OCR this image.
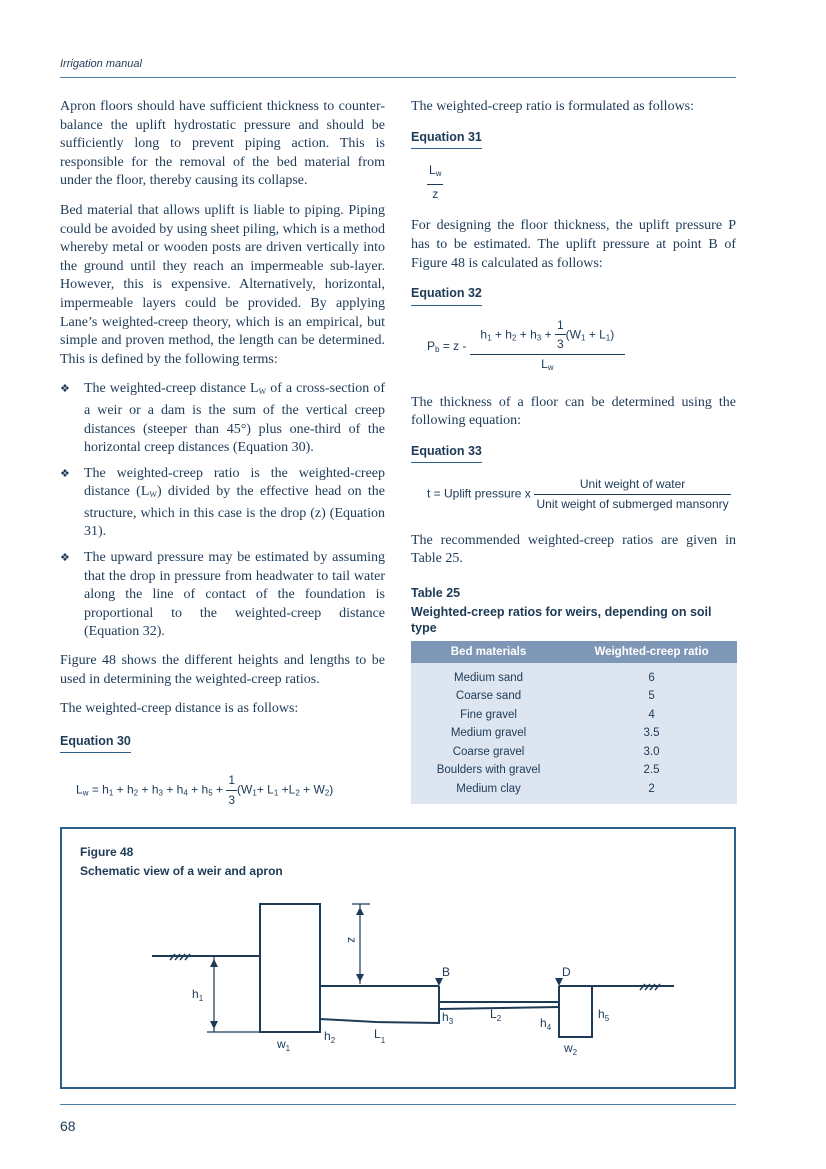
Irrigation manual

Apron floors should have sufficient thickness to counter-balance the uplift hydrostatic pressure and should be sufficiently long to prevent piping action. This is responsible for the removal of the bed material from under the floor, thereby causing its collapse.

Bed material that allows uplift is liable to piping. Piping could be avoided by using sheet piling, which is a method whereby metal or wooden posts are driven vertically into the ground until they reach an impermeable sub-layer. However, this is expensive. Alternatively, horizontal, impermeable layers could be provided. By applying Lane’s weighted-creep theory, which is an empirical, but simple and proven method, the length can be determined. This is defined by the following terms:

❖ The weighted-creep distance $L_W$ of a cross-section of a weir or a dam is the sum of the vertical creep distances (steeper than 45°) plus one-third of the horizontal creep distances (Equation 30).
❖ The weighted-creep ratio is the weighted-creep distance $(L_W)$ divided by the effective head on the structure, which in this case is the drop (z) (Equation 31).
❖ The upward pressure may be estimated by assuming that the drop in pressure from headwater to tail water along the line of contact of the foundation is proportional to the weighted-creep distance (Equation 32).

Figure 48 shows the different heights and lengths to be used in determining the weighted-creep ratios.

The weighted-creep distance is as follows:

Equation 30
$L_w = h_1 + h_2 + h_3 + h_4 + h_5 + \frac{1}{3} (W_1+ L_1 +L_2 + W_2)$

The weighted-creep ratio is formulated as follows:

Equation 31
$\frac{L_w}{z}$

For designing the floor thickness, the uplift pressure P has to be estimated. The uplift pressure at point B of Figure 48 is calculated as follows:

Equation 32
$P_b = z$ -
$h_1 + h_2 + h_3 + \frac{1}{3} (W_1 + L_1)$
$L_w$

The thickness of a floor can be determined using the following equation:

Equation 33
t = Uplift pressure x $\frac{\text{Unit weight of water}}{\text{Unit weight of submerged mansonry}}$

The recommended weighted-creep ratios are given in Table 25.

Table 25
Weighted-creep ratios for weirs, depending on soil type
Bed materials	Weighted-creep ratio
Medium sand	6
Coarse sand	5
Fine gravel	4
Medium gravel	3.5
Coarse gravel	3.0
Boulders with gravel	2.5
Medium clay	2
Figure 48
Schematic view of a weir and apron
z
B	D
$h_1$
$h_2$
$h_3$	$h_4$
$h_5$
$L_1$
$L_2$
$w_1$	$w_2$
68
